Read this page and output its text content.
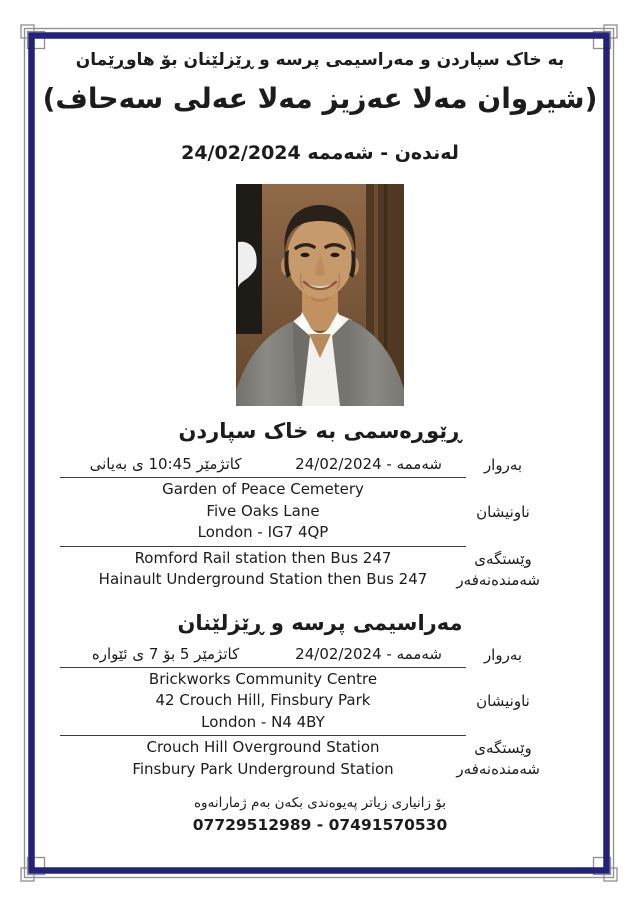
بە خاک سپاردن و مەراسیمی پرسە و ڕێزلێنان بۆ هاوڕێمان
(شیروان مەلا عەزیز مەلا عەلی سەحاف)
لەندەن - شەممە 24/02/2024
ڕێوڕەسمی بە خاک سپاردن
بەروار
شەممە - 24/02/2024
کاتژمێر 10:45 ی بەیانی
ناونیشان
Garden of Peace Cemetery
Five Oaks Lane
London - IG7 4QP
وێستگەی
شەمندەنەفەر
Romford Rail station then Bus 247
Hainault Underground Station then Bus 247
مەراسیمی پرسە و ڕێزلێنان
بەروار
شەممە - 24/02/2024
کاتژمێر 5 بۆ 7 ی ئێوارە
ناونیشان
Brickworks Community Centre
42 Crouch Hill, Finsbury Park
London - N4 4BY
وێستگەی
شەمندەنەفەر
Crouch Hill Overground Station
Finsbury Park Underground Station
بۆ زانیاری زیاتر پەیوەندی بکەن بەم ژمارانەوە
07729512989 - 07491570530
